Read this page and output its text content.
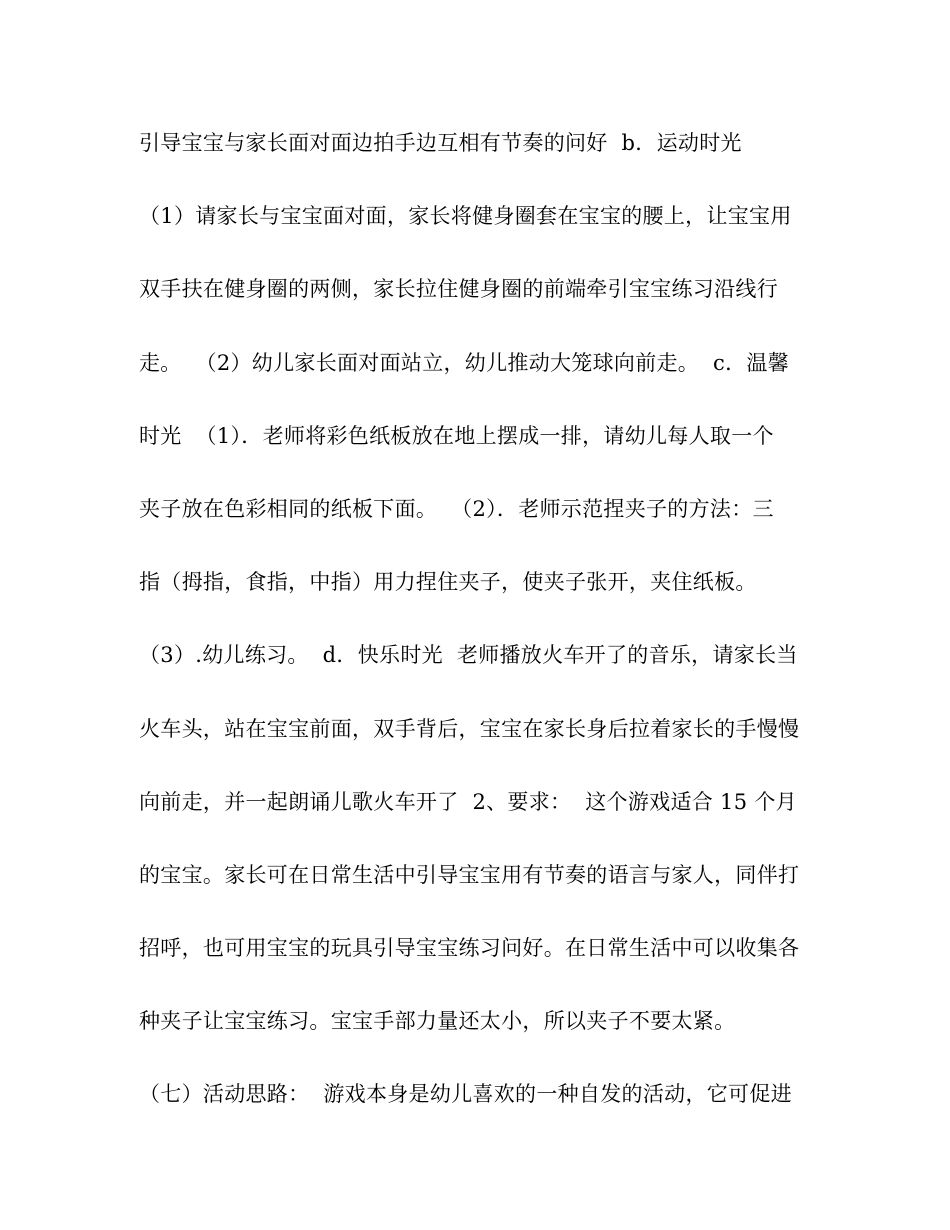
引导宝宝与家长面对面边拍手边互相有节奏的问好  b．运动时光
（1）请家长与宝宝面对面，家长将健身圈套在宝宝的腰上，让宝宝用
双手扶在健身圈的两侧，家长拉住健身圈的前端牵引宝宝练习沿线行
走。  （2）幼儿家长面对面站立，幼儿推动大笼球向前走。  c．温馨
时光  （1）．老师将彩色纸板放在地上摆成一排，请幼儿每人取一个
夹子放在色彩相同的纸板下面。  （2）．老师示范捏夹子的方法：三
指（拇指，食指，中指）用力捏住夹子，使夹子张开，夹住纸板。
（3）.幼儿练习。  d．快乐时光  老师播放火车开了的音乐，请家长当
火车头，站在宝宝前面，双手背后，宝宝在家长身后拉着家长的手慢慢
向前走，并一起朗诵儿歌火车开了  2、要求：  这个游戏适合 15 个月
的宝宝。家长可在日常生活中引导宝宝用有节奏的语言与家人，同伴打
招呼，也可用宝宝的玩具引导宝宝练习问好。在日常生活中可以收集各
种夹子让宝宝练习。宝宝手部力量还太小，所以夹子不要太紧。
（七）活动思路：  游戏本身是幼儿喜欢的一种自发的活动，它可促进
